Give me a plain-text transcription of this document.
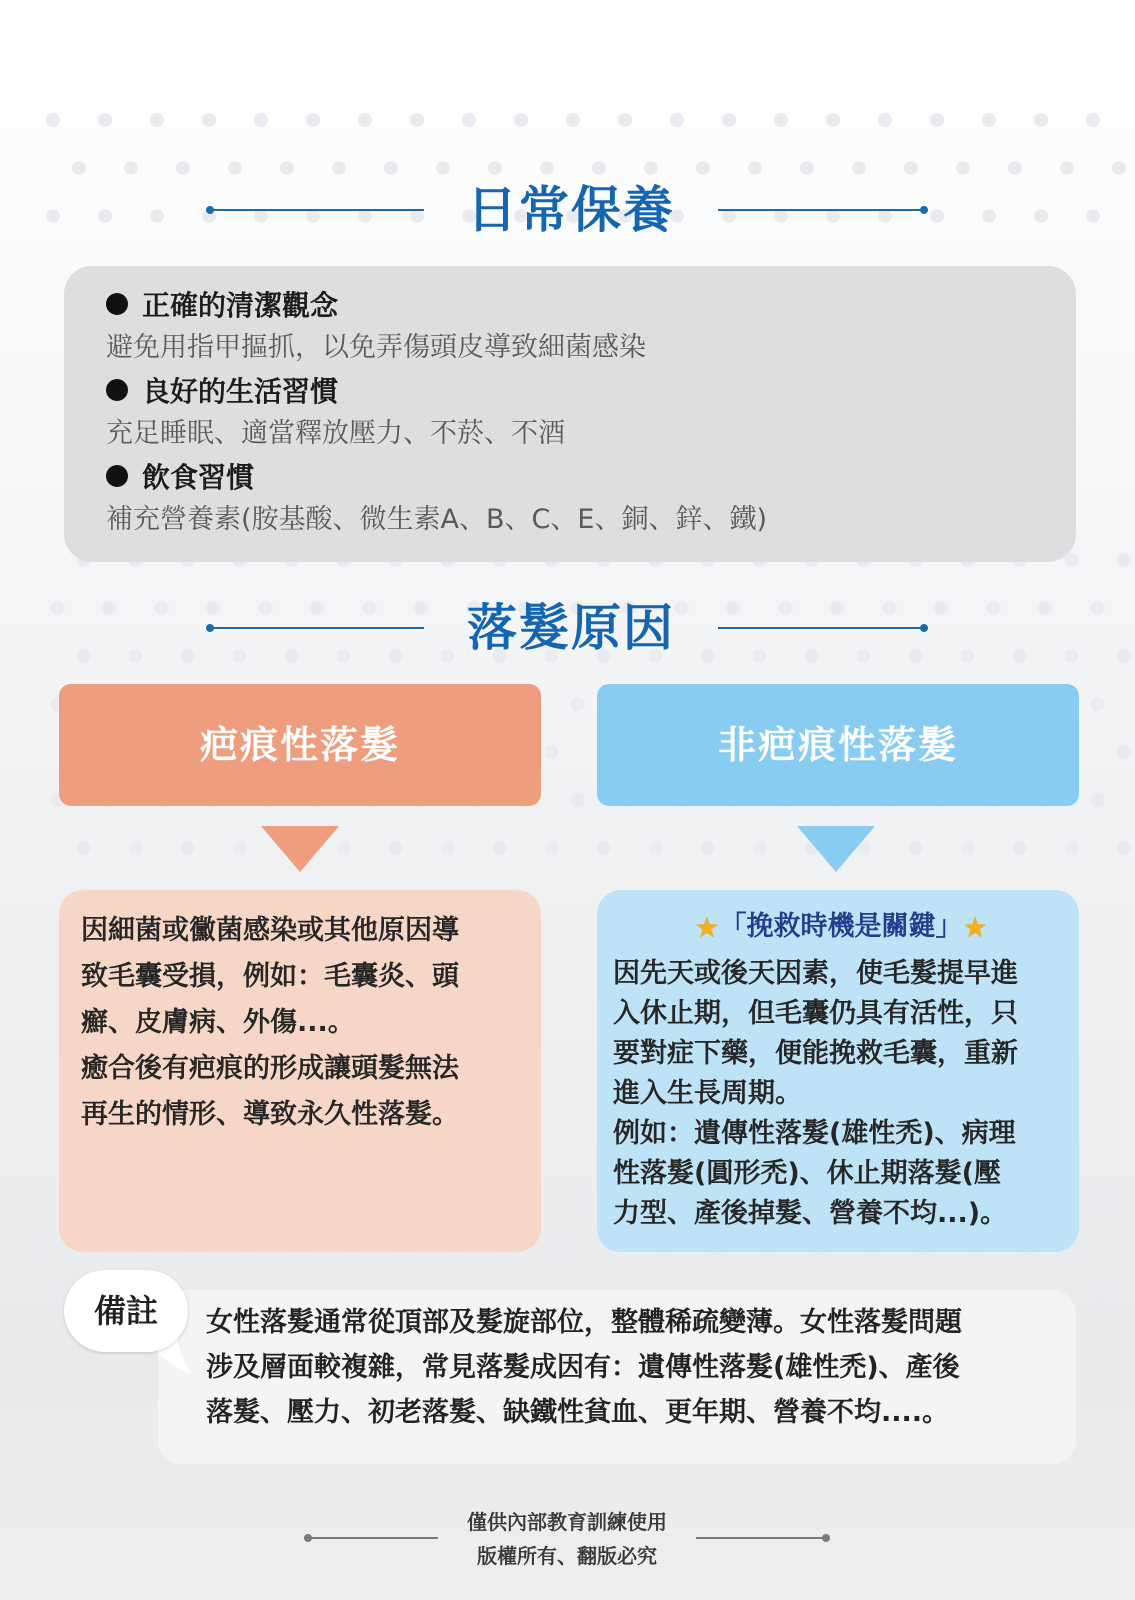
日常保養
正確的清潔觀念
避免用指甲摳抓，以免弄傷頭皮導致細菌感染
良好的生活習慣
充足睡眠、適當釋放壓力、不菸、不酒
飲食習慣
補充營養素(胺基酸、微生素A、B、C、E、銅、鋅、鐵)
落髮原因
疤痕性落髮	非疤痕性落髮
因細菌或黴菌感染或其他原因導
致毛囊受損，例如：毛囊炎、頭
癬、皮膚病、外傷...。
癒合後有疤痕的形成讓頭髮無法
再生的情形、導致永久性落髮。
★「挽救時機是關鍵」★
因先天或後天因素，使毛髮提早進
入休止期，但毛囊仍具有活性，只
要對症下藥，便能挽救毛囊，重新
進入生長周期。
例如：遺傳性落髮(雄性禿)、病理
性落髮(圓形禿)、休止期落髮(壓
力型、產後掉髮、營養不均...)。
女性落髮通常從頂部及髮旋部位，整體稀疏變薄。女性落髮問題
涉及層面較複雜，常見落髮成因有：遺傳性落髮(雄性禿)、產後
落髮、壓力、初老落髮、缺鐵性貧血、更年期、營養不均....。
備註
僅供內部教育訓練使用
版權所有、翻版必究
